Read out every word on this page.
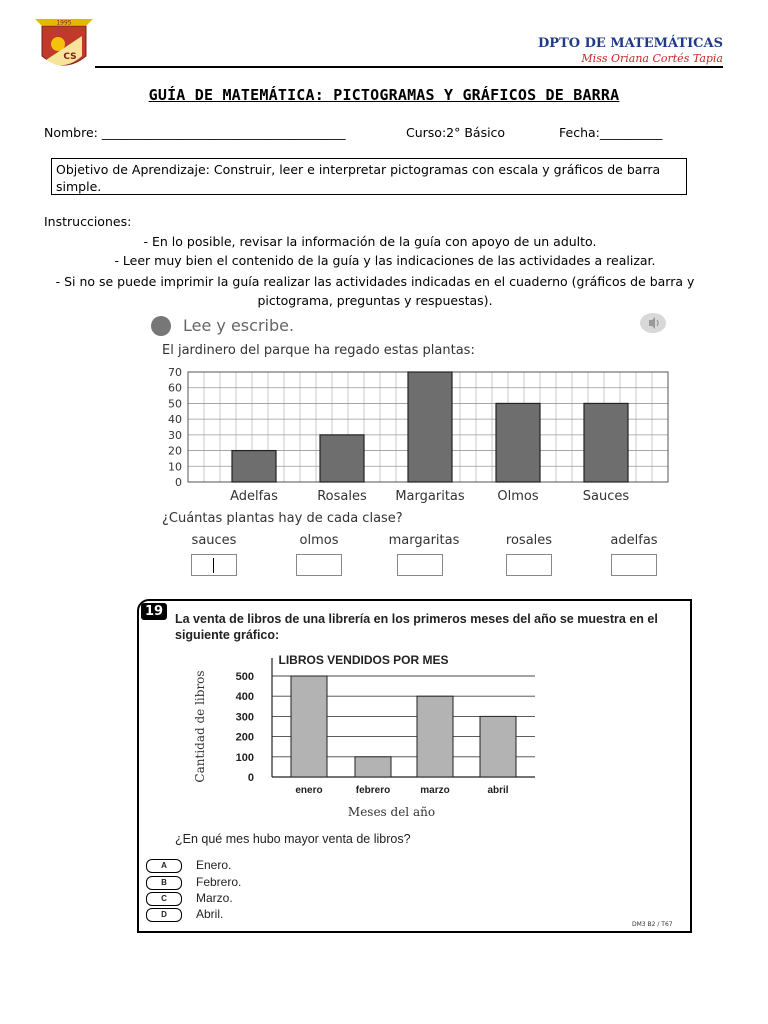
1995
CS
DPTO DE MATEMÁTICAS
Miss Oriana Cortés Tapia
GUÍA DE MATEMÁTICA: PICTOGRAMAS Y GRÁFICOS DE BARRA
Nombre: _______________________________________	Curso:2° Básico	Fecha:__________
Objetivo de Aprendizaje: Construir, leer e interpretar pictogramas con escala y gráficos de barra simple.
Instrucciones:
- En lo posible, revisar la información de la guía con apoyo de un adulto.
- Leer muy bien el contenido de la guía y las indicaciones de las actividades a realizar.
- Si no se puede imprimir la guía realizar las actividades indicadas en el cuaderno (gráficos de barra y pictograma, preguntas y respuestas).
Lee y escribe.
El jardinero del parque ha regado estas plantas:
0
10
20
30
40
50
60
70
Adelfas	Rosales Margaritas	Olmos	Sauces
¿Cuántas plantas hay de cada clase?
sauces	olmos	margaritas	rosales	adelfas
19 La venta de libros de una librería en los primeros meses del año se muestra en el siguiente gráfico:
LIBROS VENDIDOS POR MES
0
100
200
300
400
500
enero	febrero	marzo	abril
Meses del año
Cantidad de libros
¿En qué mes hubo mayor venta de libros?
A Enero.
B Febrero.
C Marzo.
D Abril.
DM3 B2 / T67
